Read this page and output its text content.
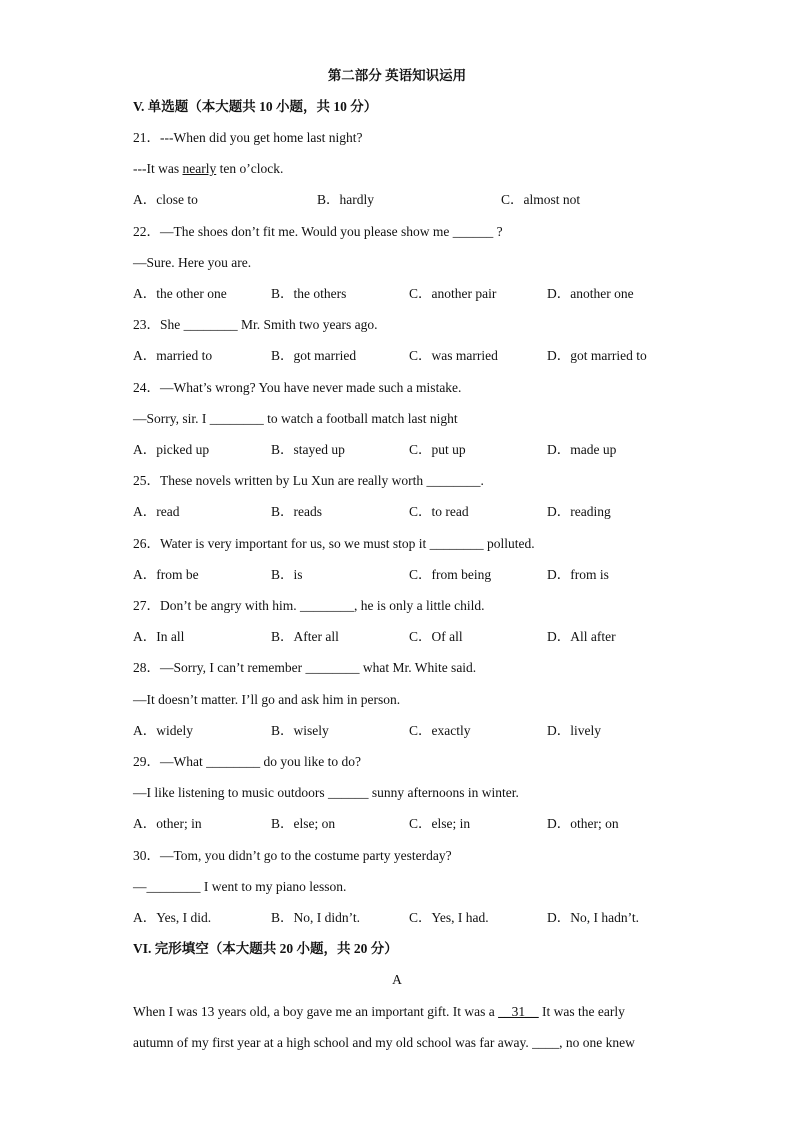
第二部分 英语知识运用
V. 单选题（本大题共 10 小题，共 10 分）
21．---When did you get home last night?
---It was nearly ten o’clock.
A．close to	B．hardly	C．almost not
22．—The shoes don’t fit me. Would you please show me ______ ?
—Sure. Here you are.
A．the other one	B．the others	C．another pair	D．another one
23．She ________ Mr. Smith two years ago.
A．married to	B．got married	C．was married	D．got married to
24．—What’s wrong? You have never made such a mistake.
—Sorry, sir. I ________ to watch a football match last night
A．picked up	B．stayed up	C．put up	D．made up
25．These novels written by Lu Xun are really worth ________.
A．read	B．reads	C．to read	D．reading
26．Water is very important for us, so we must stop it ________ polluted.
A．from be	B．is	C．from being	D．from is
27．Don’t be angry with him. ________, he is only a little child.
A．In all	B．After all	C．Of all	D．All after
28．—Sorry, I can’t remember ________ what Mr. White said.
—It doesn’t matter. I’ll go and ask him in person.
A．widely	B．wisely	C．exactly	D．lively
29．—What ________ do you like to do?
—I like listening to music outdoors ______ sunny afternoons in winter.
A．other; in	B．else; on	C．else; in	D．other; on
30．—Tom, you didn’t go to the costume party yesterday?
—________ I went to my piano lesson.
A．Yes, I did.	B．No, I didn’t.	C．Yes, I had.	D．No, I hadn’t.
VI. 完形填空（本大题共 20 小题，共 20 分）
A
When I was 13 years old, a boy gave me an important gift. It was a __31__ It was the early
autumn of my first year at a high school and my old school was far away. ____, no one knew
